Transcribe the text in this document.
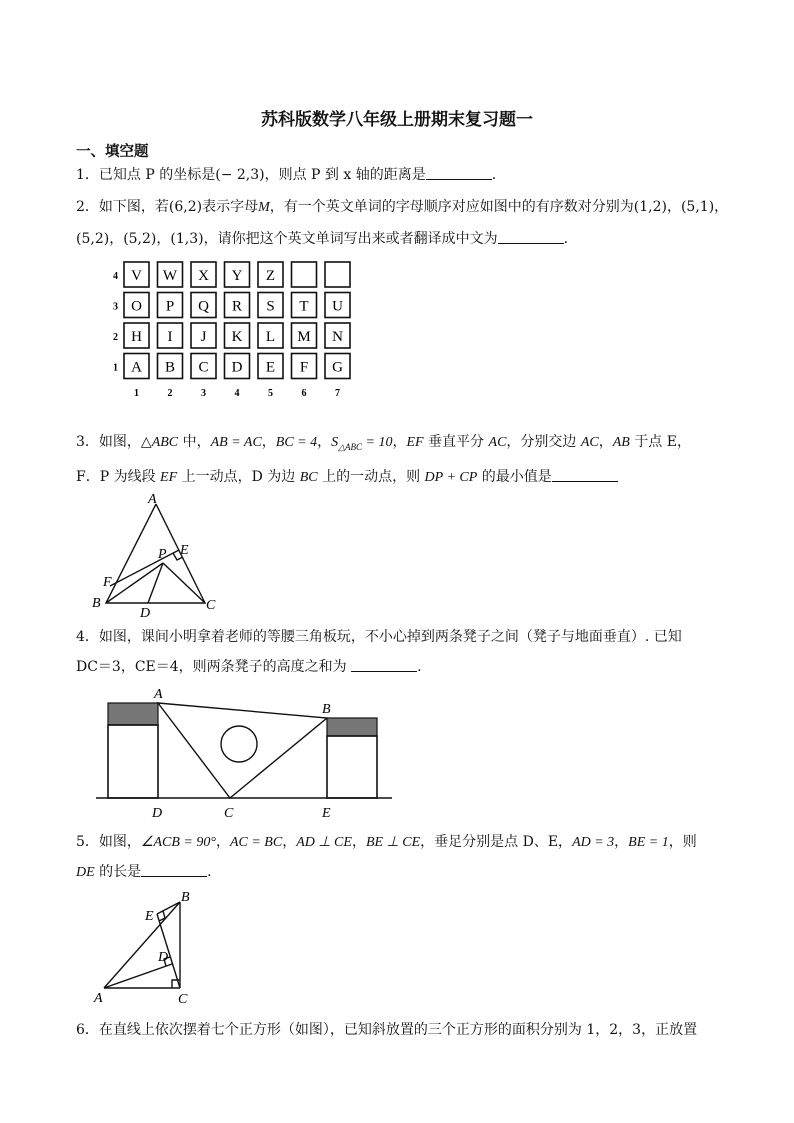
苏科版数学八年级上册期末复习题一
一、填空题
1．已知点 P 的坐标是(− 2,3)，则点 P 到 x 轴的距离是	.
2．如下图，若(6,2)表示字母M，有一个英文单词的字母顺序对应如图中的有序数对分别为(1,2)，(5,1)，
(5,2)，(5,2)，(1,3)，请你把这个英文单词写出来或者翻译成中文为	.
4 V W X Y Z
3 O P Q R S T U
2 H I J K L M N
1 A B C D E F G
1	2	3	4	5	6	7
3．如图，△ABC 中，AB = AC，BC = 4，$S_{\triangle ABC} = 10$，EF 垂直平分 AC，分别交边 AC，AB 于点 E，
F．P 为线段 EF 上一动点，D 为边 BC 上的一动点，则 DP + CP 的最小值是
A
B	C
D
E
F
P
4．如图，课间小明拿着老师的等腰三角板玩，不小心掉到两条凳子之间（凳子与地面垂直）. 已知
DC＝3，CE＝4，则两条凳子的高度之和为	.
A
B
C
D	E
5．如图，∠ACB = 90°，AC = BC，AD ⊥ CE，BE ⊥ CE，垂足分别是点 D、E，AD = 3，BE = 1，则
DE 的长是	.
A
B
C
D
E
6．在直线上依次摆着七个正方形（如图），已知斜放置的三个正方形的面积分别为 1，2，3，正放置
